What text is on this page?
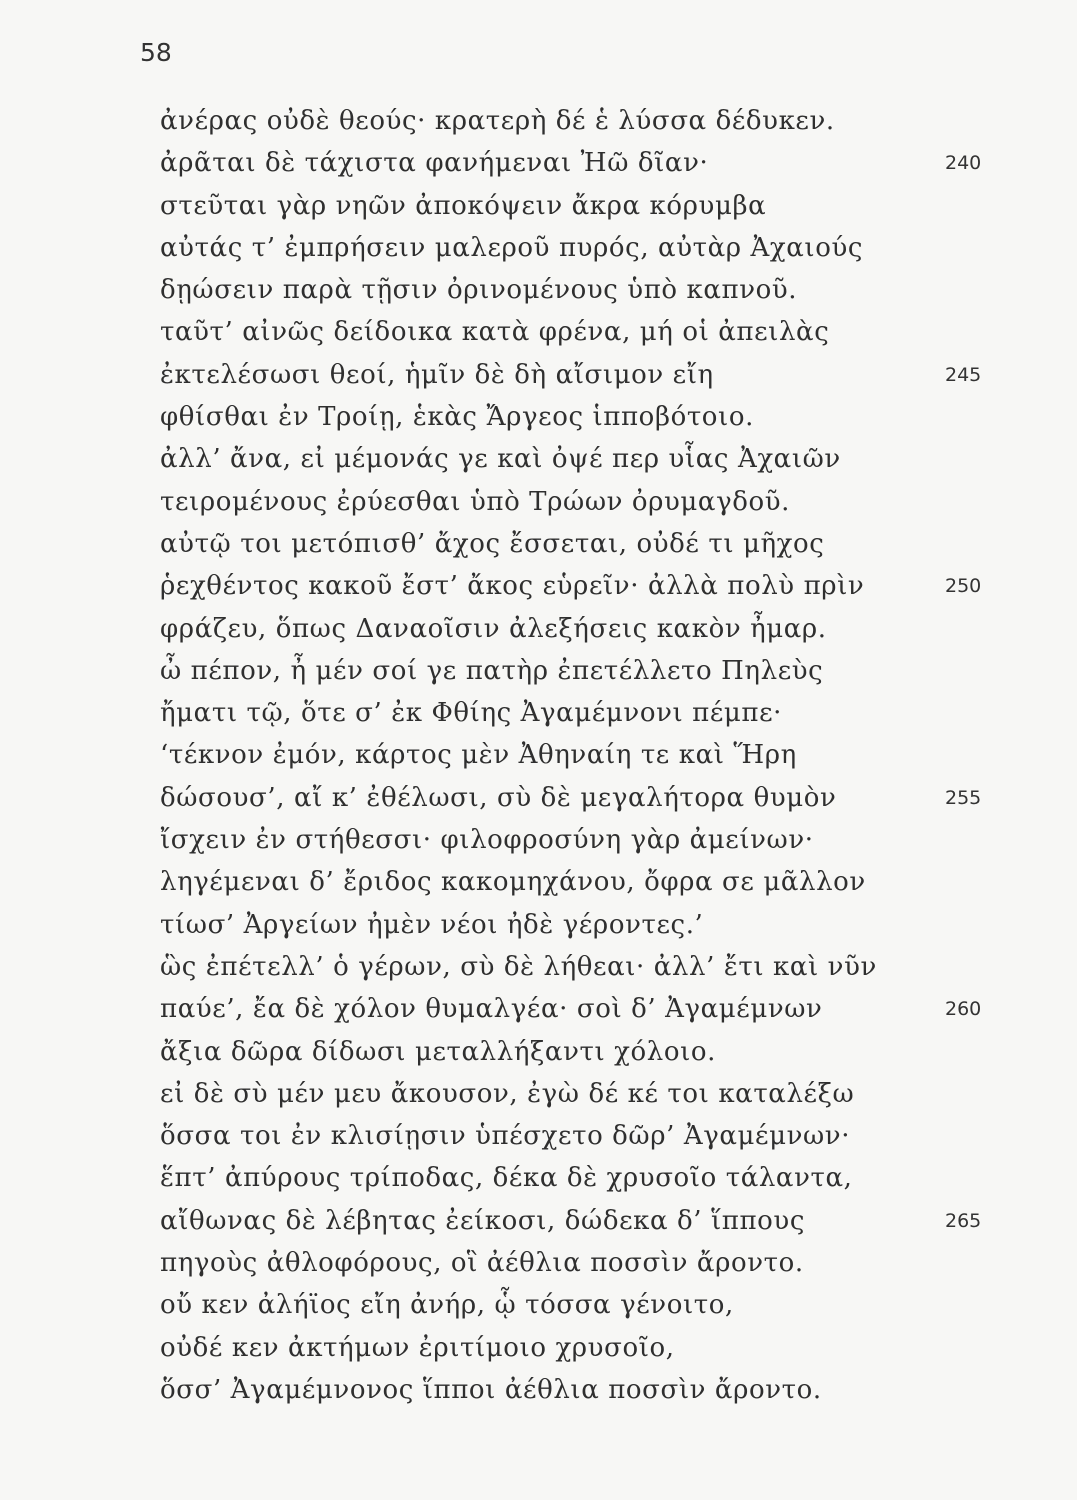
58
ἀνέρας οὐδὲ θεούς· κρατερὴ δέ ἑ λύσσα δέδυκεν.
ἀρᾶται δὲ τάχιστα φανήμεναι Ἠῶ δῖαν·	240
στεῦται γὰρ νηῶν ἀποκόψειν ἄκρα κόρυμβα
αὐτάς τ’ ἐμπρήσειν μαλεροῦ πυρός, αὐτὰρ Ἀχαιούς
δῃώσειν παρὰ τῇσιν ὀρινομένους ὑπὸ καπνοῦ.
ταῦτ’ αἰνῶς δείδοικα κατὰ φρένα, μή οἱ ἀπειλὰς
ἐκτελέσωσι θεοί, ἡμῖν δὲ δὴ αἴσιμον εἴη	245
φθίσθαι ἐν Τροίῃ, ἑκὰς Ἄργεος ἱπποβότοιο.
ἀλλ’ ἄνα, εἰ μέμονάς γε καὶ ὀψέ περ υἷας Ἀχαιῶν
τειρομένους ἐρύεσθαι ὑπὸ Τρώων ὀρυμαγδοῦ.
αὐτῷ τοι μετόπισθ’ ἄχος ἔσσεται, οὐδέ τι μῆχος
ῥεχθέντος κακοῦ ἔστ’ ἄκος εὑρεῖν· ἀλλὰ πολὺ πρὶν	250
φράζευ, ὅπως Δαναοῖσιν ἀλεξήσεις κακὸν ἦμαρ.
ὦ πέπον, ἦ μέν σοί γε πατὴρ ἐπετέλλετο Πηλεὺς
ἤματι τῷ, ὅτε σ’ ἐκ Φθίης Ἀγαμέμνονι πέμπε·
‘τέκνον ἐμόν, κάρτος μὲν Ἀθηναίη τε καὶ Ἥρη
δώσουσ’, αἴ κ’ ἐθέλωσι, σὺ δὲ μεγαλήτορα θυμὸν	255
ἴσχειν ἐν στήθεσσι· φιλοφροσύνη γὰρ ἀμείνων·
ληγέμεναι δ’ ἔριδος κακομηχάνου, ὄφρα σε μᾶλλον
τίωσ’ Ἀργείων ἠμὲν νέοι ἠδὲ γέροντες.’
ὣς ἐπέτελλ’ ὁ γέρων, σὺ δὲ λήθεαι· ἀλλ’ ἔτι καὶ νῦν
παύε’, ἔα δὲ χόλον θυμαλγέα· σοὶ δ’ Ἀγαμέμνων	260
ἄξια δῶρα δίδωσι μεταλλήξαντι χόλοιο.
εἰ δὲ σὺ μέν μευ ἄκουσον, ἐγὼ δέ κέ τοι καταλέξω
ὅσσα τοι ἐν κλισίῃσιν ὑπέσχετο δῶρ’ Ἀγαμέμνων·
ἕπτ’ ἀπύρους τρίποδας, δέκα δὲ χρυσοῖο τάλαντα,
αἴθωνας δὲ λέβητας ἐείκοσι, δώδεκα δ’ ἵππους	265
πηγοὺς ἀθλοφόρους, οἳ ἀέθλια ποσσὶν ἄροντο.
οὔ κεν ἀλήϊος εἴη ἀνήρ, ᾧ τόσσα γένοιτο,
οὐδέ κεν ἀκτήμων ἐριτίμοιο χρυσοῖο,
ὅσσ’ Ἀγαμέμνονος ἵπποι ἀέθλια ποσσὶν ἄροντο.
